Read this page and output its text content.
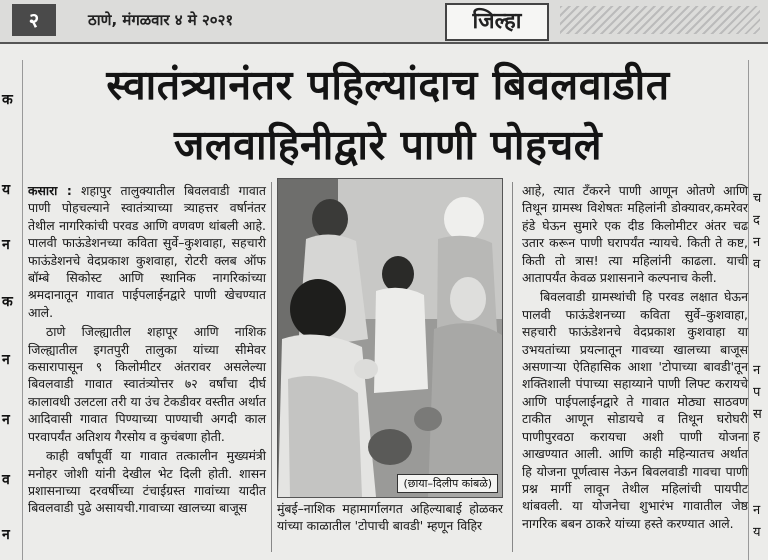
२	ठाणे, मंगळवार ४ मे २०२१	जिल्हा
क
य
न
क
न
न
व
न
च
द
न
व
न
प
स
ह
न
य
स्वातंत्र्यानंतर पहिल्यांदाच बिवलवाडीत
जलवाहिनीद्वारे पाणी पोहचले

कसारा : शहापुर तालुक्यातील बिवलवाडी गावात पाणी पोहचल्याने स्वातंत्र्याच्या त्र्याहत्तर वर्षानंतर तेथील नागरिकांची परवड आणि वणवण थांबली आहे. पालवी फाऊंडेशनच्या कविता सुर्वे–कुशवाहा, सहचारी फाऊंडेशनचे वेदप्रकाश कुशवाहा, रोटरी क्लब ऑफ बॉम्बे सिकोस्ट आणि स्थानिक नागरिकांच्या श्रमदानातून गावात पाईपलाईनद्वारे पाणी खेचण्यात आले.

ठाणे जिल्ह्यातील शहापूर आणि नाशिक जिल्ह्यातील इगतपुरी तालुका यांच्या सीमेवर कसारापासून ९ किलोमीटर अंतरावर असलेल्या बिवलवाडी गावात स्वातंत्र्योत्तर ७२ वर्षांचा दीर्घ कालावधी उलटला तरी या उंच टेकडीवर वस्तीत अर्थात आदिवासी गावात पिण्याच्या पाण्याची अगदी काल परवापर्यंत अतिशय गैरसोय व कुचंबणा होती.

काही वर्षांपूर्वी या गावात तत्कालीन मुख्यमंत्री मनोहर जोशी यांनी देखील भेट दिली होती. शासन प्रशासनाच्या दरवर्षीच्या टंचाईग्रस्त गावांच्या यादीत बिवलवाडी पुढे असायची.गावाच्या खालच्या बाजूस

(छाया–दिलीप कांबळे)
मुंबई–नाशिक महामार्गालगत अहिल्याबाई होळकर यांच्या काळातील 'टोपाची बावडी' म्हणून विहिर

आहे, त्यात टँकरने पाणी आणून ओतणे आणि तिथून ग्रामस्थ विशेषतः महिलांनी डोक्यावर,कमरेवर हंडे घेऊन सुमारे एक दीड किलोमीटर अंतर चढ उतार करून पाणी घरापर्यंत न्यायचे. किती ते कष्ट, किती तो त्रास! त्या महिलांनी काढला. याची आतापर्यंत केवळ प्रशासनाने कल्पनाच केली.

बिवलवाडी ग्रामस्थांची हि परवड लक्षात घेऊन पालवी फाऊंडेशनच्या कविता सुर्वे–कुशवाहा, सहचारी फाऊंडेशनचे वेदप्रकाश कुशवाहा या उभयतांच्या प्रयत्नातून गावच्या खालच्या बाजूस असणाऱ्या ऐतिहासिक आशा 'टोपाच्या बावडी'तून शक्तिशाली पंपाच्या सहाय्याने पाणी लिफ्ट करायचे आणि पाईपलाईनद्वारे ते गावात मोठ्या साठवण टाकीत आणून सोडायचे व तिथून घरोघरी पाणीपुरवठा करायचा अशी पाणी योजना आखण्यात आली. आणि काही महिन्यातच अर्थात हि योजना पूर्णत्वास नेऊन बिवलवाडी गावचा पाणी प्रश्न मार्गी लावून तेथील महिलांची पायपीट थांबवली. या योजनेचा शुभारंभ गावातील जेष्ठ नागरिक बबन ठाकरे यांच्या हस्ते करण्यात आले.
